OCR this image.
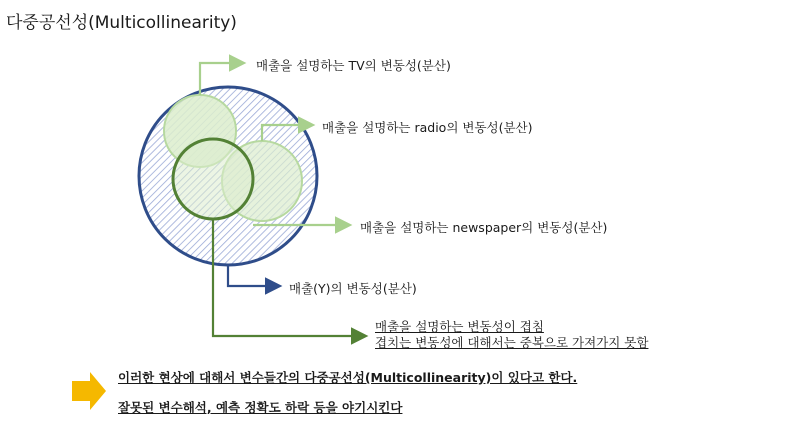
다중공선성(Multicollinearity)
매출을 설명하는 TV의 변동성(분산)
매출을 설명하는 radio의 변동성(분산)
매출을 설명하는 newspaper의 변동성(분산)
매출(Y)의 변동성(분산)
매출을 설명하는 변동성이 겹침
겹치는 변동성에 대해서는 중복으로 가져가지 못함
이러한 현상에 대해서 변수들간의 다중공선성(Multicollinearity)이 있다고 한다.
잘못된 변수해석, 예측 정확도 하락 등을 야기시킨다
